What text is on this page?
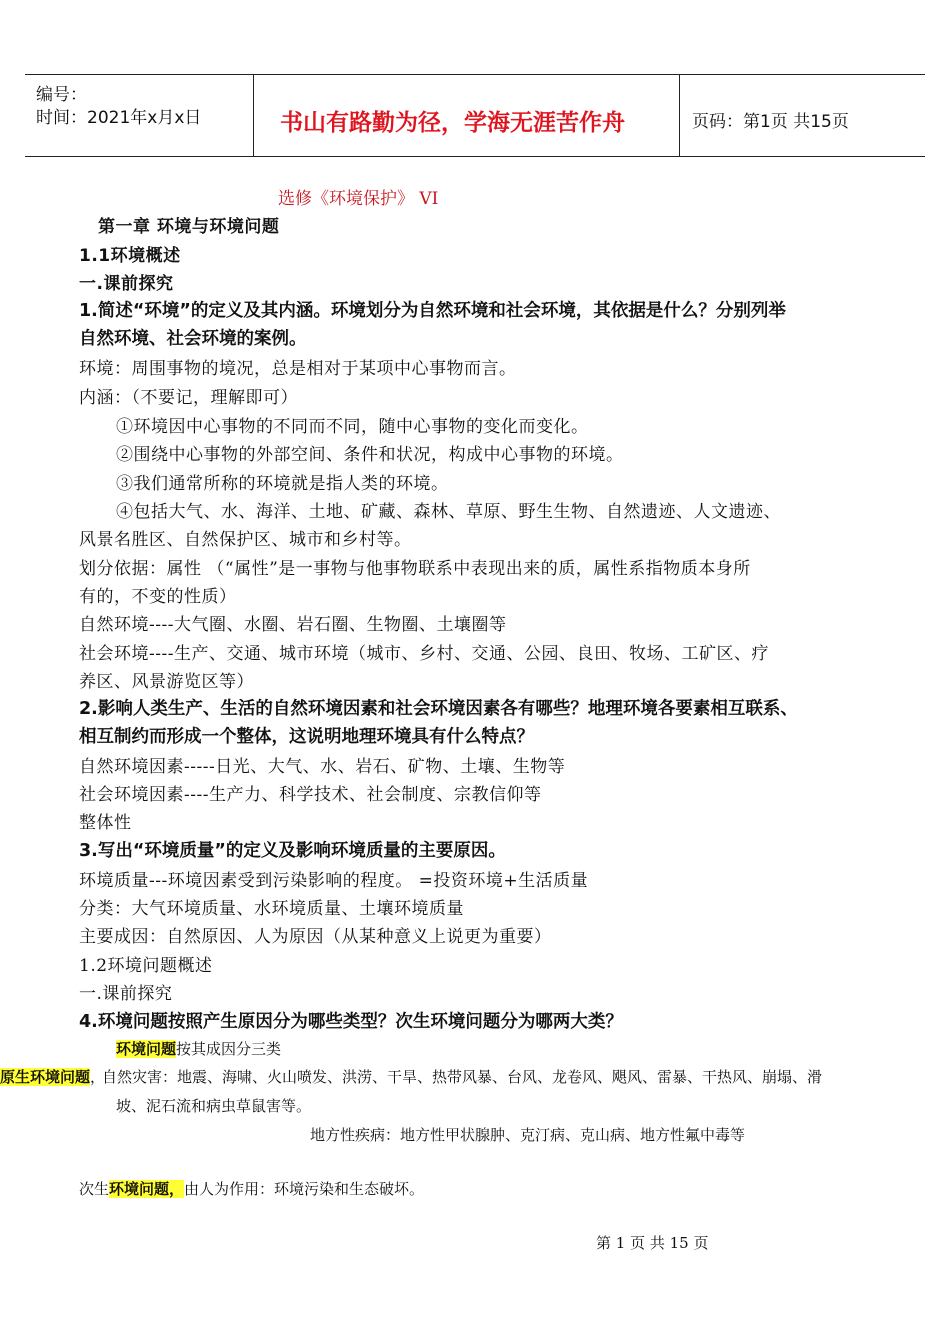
编号：
时间：2021年x月x日	书山有路勤为径，学海无涯苦作舟	页码：第1页 共15页
选修《环境保护》 VI
第一章 环境与环境问题
1.1环境概述
一.课前探究
1.简述“环境”的定义及其内涵。环境划分为自然环境和社会环境，其依据是什么？分别列举
自然环境、社会环境的案例。
环境：周围事物的境况，总是相对于某项中心事物而言。
内涵：（不要记，理解即可）
①环境因中心事物的不同而不同，随中心事物的变化而变化。
②围绕中心事物的外部空间、条件和状况，构成中心事物的环境。
③我们通常所称的环境就是指人类的环境。
④包括大气、水、海洋、土地、矿藏、森林、草原、野生生物、自然遗迹、人文遗迹、
风景名胜区、自然保护区、城市和乡村等。
划分依据：属性 （“属性”是一事物与他事物联系中表现出来的质，属性系指物质本身所
有的，不变的性质）
自然环境----大气圈、水圈、岩石圈、生物圈、土壤圈等
社会环境----生产、交通、城市环境（城市、乡村、交通、公园、良田、牧场、工矿区、疗
养区、风景游览区等）
2.影响人类生产、生活的自然环境因素和社会环境因素各有哪些？地理环境各要素相互联系、
相互制约而形成一个整体，这说明地理环境具有什么特点？
自然环境因素-----日光、大气、水、岩石、矿物、土壤、生物等
社会环境因素----生产力、科学技术、社会制度、宗教信仰等
整体性
3.写出“环境质量”的定义及影响环境质量的主要原因。
环境质量---环境因素受到污染影响的程度。 =投资环境+生活质量
分类：大气环境质量、水环境质量、土壤环境质量
主要成因：自然原因、人为原因（从某种意义上说更为重要）
1.2环境问题概述
一.课前探究
4.环境问题按照产生原因分为哪些类型？次生环境问题分为哪两大类？
环境问题按其成因分三类
原生环境问题，
自然灾害：地震、海啸、火山喷发、洪涝、干旱、热带风暴、台风、龙卷风、飓风、雷暴、干热风、崩塌、滑
坡、泥石流和病虫草鼠害等。
地方性疾病：地方性甲状腺肿、克汀病、克山病、地方性氟中毒等
次生环境问题，由人为作用：环境污染和生态破坏。
第 1 页 共 15 页
